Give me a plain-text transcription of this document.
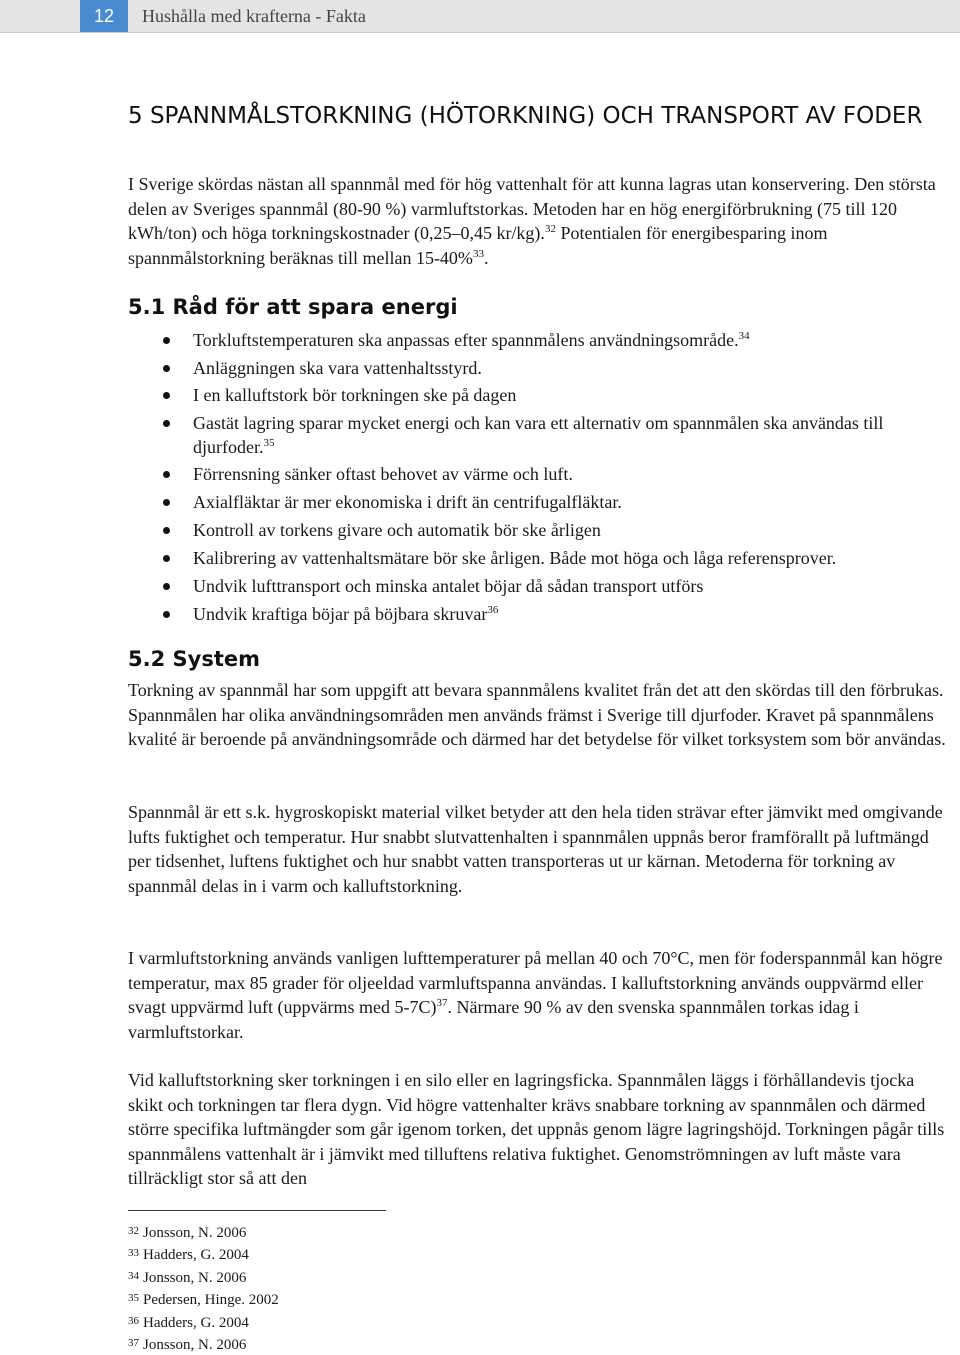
12	Hushålla med krafterna - Fakta
5 SPANNMÅLSTORKNING (HÖTORKNING) OCH TRANSPORT AV FODER

I Sverige skördas nästan all spannmål med för hög vattenhalt för att kunna lagras utan konservering. Den största delen av Sveriges spannmål (80-90 %) varmluftstorkas. Metoden har en hög energiförbrukning (75 till 120 kWh/ton) och höga torkningskostnader (0,25–0,45 kr/kg).$^{32}$ Potentialen för energibesparing inom spannmålstorkning beräknas till mellan 15-40%$^{33}$.

5.1 Råd för att spara energi
Torkluftstemperaturen ska anpassas efter spannmålens användningsområde.$^{34}$
Anläggningen ska vara vattenhaltsstyrd.
I en kalluftstork bör torkningen ske på dagen
Gastät lagring sparar mycket energi och kan vara ett alternativ om spannmålen ska användas till djurfoder.$^{35}$
Förrensning sänker oftast behovet av värme och luft.
Axialfläktar är mer ekonomiska i drift än centrifugalfläktar.
Kontroll av torkens givare och automatik bör ske årligen
Kalibrering av vattenhaltsmätare bör ske årligen. Både mot höga och låga referensprover.
Undvik lufttransport och minska antalet böjar då sådan transport utförs
Undvik kraftiga böjar på böjbara skruvar$^{36}$
5.2 System

Torkning av spannmål har som uppgift att bevara spannmålens kvalitet från det att den skördas till den förbrukas. Spannmålen har olika användningsområden men används främst i Sverige till djurfoder. Kravet på spannmålens kvalité är beroende på användningsområde och därmed har det betydelse för vilket torksystem som bör användas.

Spannmål är ett s.k. hygroskopiskt material vilket betyder att den hela tiden strävar efter jämvikt med omgivande lufts fuktighet och temperatur. Hur snabbt slutvattenhalten i spannmålen uppnås beror framförallt på luftmängd per tidsenhet, luftens fuktighet och hur snabbt vatten transporteras ut ur kärnan. Metoderna för torkning av spannmål delas in i varm och kalluftstorkning.

I varmluftstorkning används vanligen lufttemperaturer på mellan 40 och 70°C, men för foderspannmål kan högre temperatur, max 85 grader för oljeeldad varmluftspanna användas. I kalluftstorkning används ouppvärmd eller svagt uppvärmd luft (uppvärms med 5-7C)$^{37}$. Närmare 90 % av den svenska spannmålen torkas idag i varmluftstorkar.

Vid kalluftstorkning sker torkningen i en silo eller en lagringsficka. Spannmålen läggs i förhållandevis tjocka skikt och torkningen tar flera dygn. Vid högre vattenhalter krävs snabbare torkning av spannmålen och därmed större specifika luftmängder som går igenom torken, det uppnås genom lägre lagringshöjd. Torkningen pågår tills spannmålens vattenhalt är i jämvikt med tilluftens relativa fuktighet. Genomströmningen av luft måste vara tillräckligt stor så att den

$^{32}$ Jonsson, N. 2006
$^{33}$ Hadders, G. 2004
$^{34}$ Jonsson, N. 2006
$^{35}$ Pedersen, Hinge. 2002
$^{36}$ Hadders, G. 2004
$^{37}$ Jonsson, N. 2006
